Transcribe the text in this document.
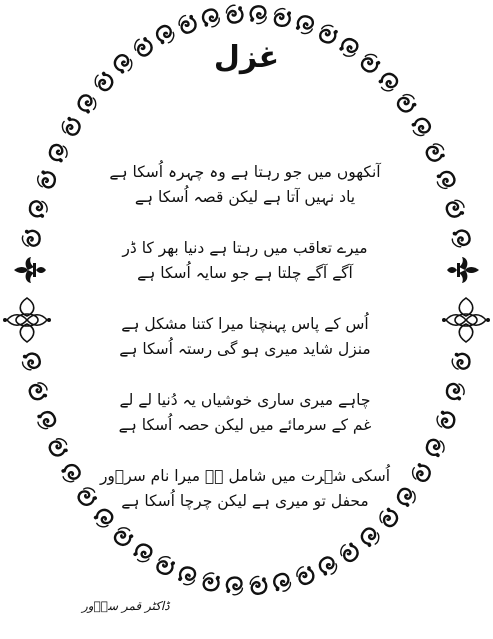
غزل
آنکھوں میں جو رہتا ہے وہ چہرہ اُسکا ہے
یاد نہیں آتا ہے لیکن قصہ اُسکا ہے
میرے تعاقب میں رہتا ہے دنیا بھر کا ڈر
آگے آگے چلتا ہے جو سایہ اُسکا ہے
اُس کے پاس پہنچنا میرا کتنا مشکل ہے
منزل شاید میری ہو گی رستہ اُسکا ہے
چاہے میری ساری خوشیاں یہ دُنیا لے لے
غم کے سرمائے میں لیکن حصہ اُسکا ہے
اُسکی شہرت میں شامل ہے میرا نام سرؔور
محفل تو میری ہے لیکن چرچا اُسکا ہے
ڈاکٹر قمر سرؔور
